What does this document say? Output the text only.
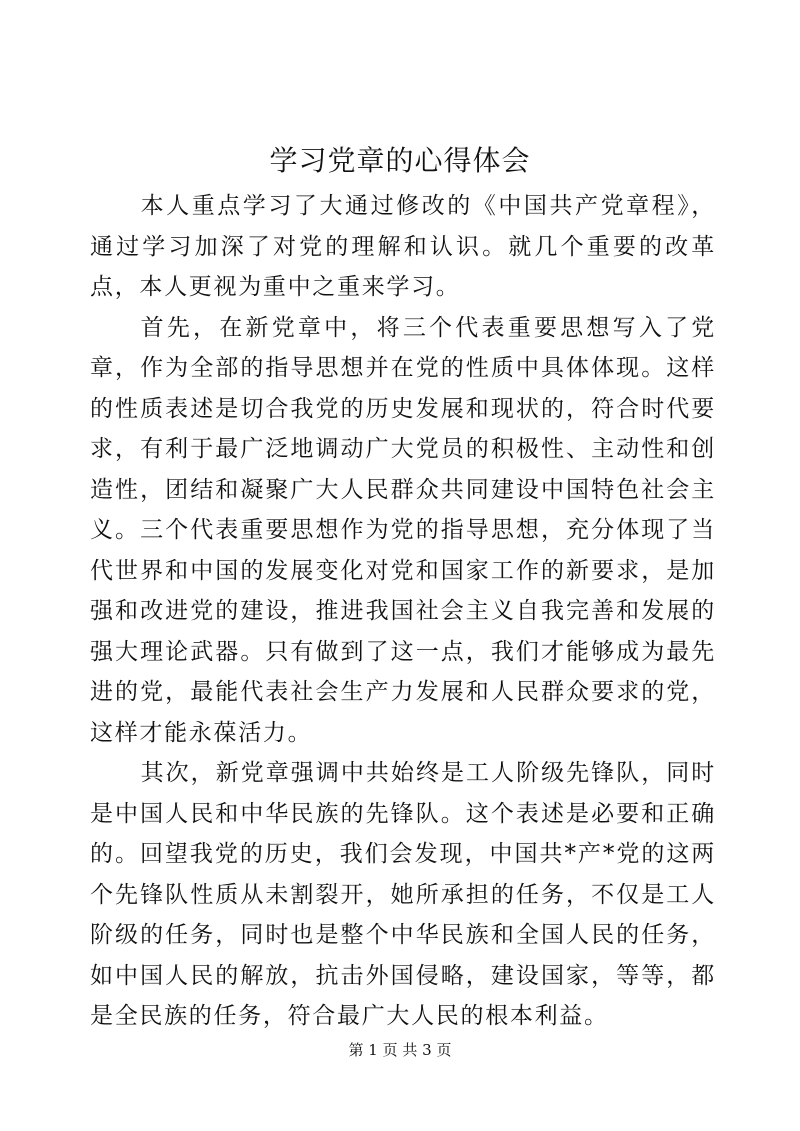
学习党章的心得体会

本人重点学习了大通过修改的《中国共产党章程》，通过学习加深了对党的理解和认识。就几个重要的改革点，本人更视为重中之重来学习。

首先，在新党章中，将三个代表重要思想写入了党章，作为全部的指导思想并在党的性质中具体体现。这样的性质表述是切合我党的历史发展和现状的，符合时代要求，有利于最广泛地调动广大党员的积极性、主动性和创造性，团结和凝聚广大人民群众共同建设中国特色社会主义。三个代表重要思想作为党的指导思想，充分体现了当代世界和中国的发展变化对党和国家工作的新要求，是加强和改进党的建设，推进我国社会主义自我完善和发展的强大理论武器。只有做到了这一点，我们才能够成为最先进的党，最能代表社会生产力发展和人民群众要求的党，这样才能永葆活力。

其次，新党章强调中共始终是工人阶级先锋队，同时是中国人民和中华民族的先锋队。这个表述是必要和正确的。回望我党的历史，我们会发现，中国共*产*党的这两个先锋队性质从未割裂开，她所承担的任务，不仅是工人阶级的任务，同时也是整个中华民族和全国人民的任务，如中国人民的解放，抗击外国侵略，建设国家，等等，都是全民族的任务，符合最广大人民的根本利益。

第 1 页 共 3 页
